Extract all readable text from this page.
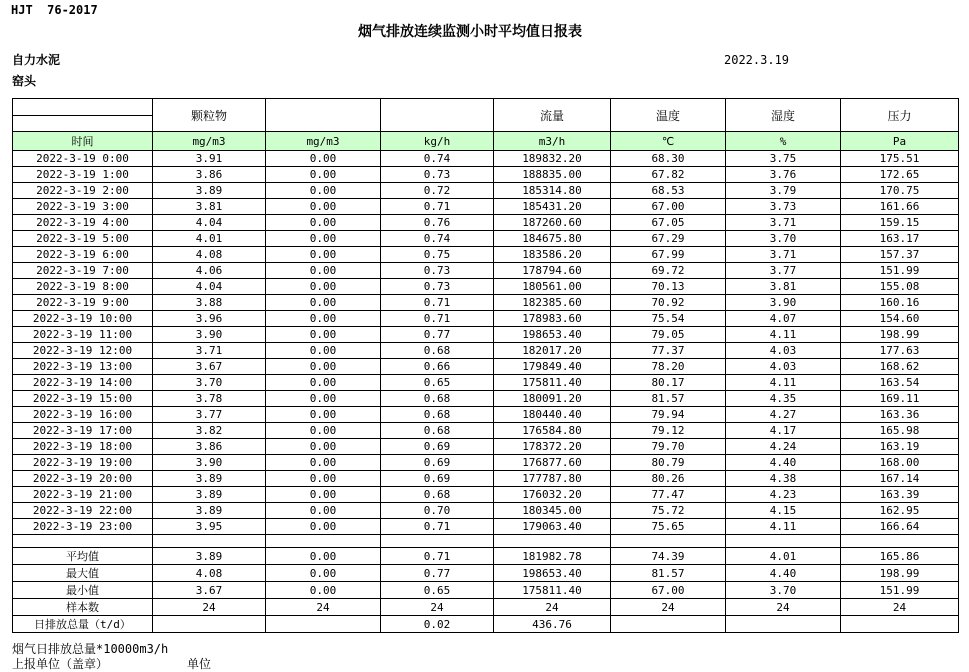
HJT  76-2017
烟气排放连续监测小时平均值日报表
自力水泥
窑头
2022.3.19
	颗粒物			流量	温度	湿度	压力

时间	mg/m3	mg/m3	kg/h	m3/h	℃	%	Pa
2022-3-19 0:00	3.91	0.00	0.74	189832.20	68.30	3.75	175.51
2022-3-19 1:00	3.86	0.00	0.73	188835.00	67.82	3.76	172.65
2022-3-19 2:00	3.89	0.00	0.72	185314.80	68.53	3.79	170.75
2022-3-19 3:00	3.81	0.00	0.71	185431.20	67.00	3.73	161.66
2022-3-19 4:00	4.04	0.00	0.76	187260.60	67.05	3.71	159.15
2022-3-19 5:00	4.01	0.00	0.74	184675.80	67.29	3.70	163.17
2022-3-19 6:00	4.08	0.00	0.75	183586.20	67.99	3.71	157.37
2022-3-19 7:00	4.06	0.00	0.73	178794.60	69.72	3.77	151.99
2022-3-19 8:00	4.04	0.00	0.73	180561.00	70.13	3.81	155.08
2022-3-19 9:00	3.88	0.00	0.71	182385.60	70.92	3.90	160.16
2022-3-19 10:00	3.96	0.00	0.71	178983.60	75.54	4.07	154.60
2022-3-19 11:00	3.90	0.00	0.77	198653.40	79.05	4.11	198.99
2022-3-19 12:00	3.71	0.00	0.68	182017.20	77.37	4.03	177.63
2022-3-19 13:00	3.67	0.00	0.66	179849.40	78.20	4.03	168.62
2022-3-19 14:00	3.70	0.00	0.65	175811.40	80.17	4.11	163.54
2022-3-19 15:00	3.78	0.00	0.68	180091.20	81.57	4.35	169.11
2022-3-19 16:00	3.77	0.00	0.68	180440.40	79.94	4.27	163.36
2022-3-19 17:00	3.82	0.00	0.68	176584.80	79.12	4.17	165.98
2022-3-19 18:00	3.86	0.00	0.69	178372.20	79.70	4.24	163.19
2022-3-19 19:00	3.90	0.00	0.69	176877.60	80.79	4.40	168.00
2022-3-19 20:00	3.89	0.00	0.69	177787.80	80.26	4.38	167.14
2022-3-19 21:00	3.89	0.00	0.68	176032.20	77.47	4.23	163.39
2022-3-19 22:00	3.89	0.00	0.70	180345.00	75.72	4.15	162.95
2022-3-19 23:00	3.95	0.00	0.71	179063.40	75.65	4.11	166.64

平均值	3.89	0.00	0.71	181982.78	74.39	4.01	165.86
最大值	4.08	0.00	0.77	198653.40	81.57	4.40	198.99
最小值	3.67	0.00	0.65	175811.40	67.00	3.70	151.99
样本数	24	24	24	24	24	24	24
日排放总量（t/d）			0.02	436.76			
烟气日排放总量*10000m3/h
上报单位（盖章）	单位
